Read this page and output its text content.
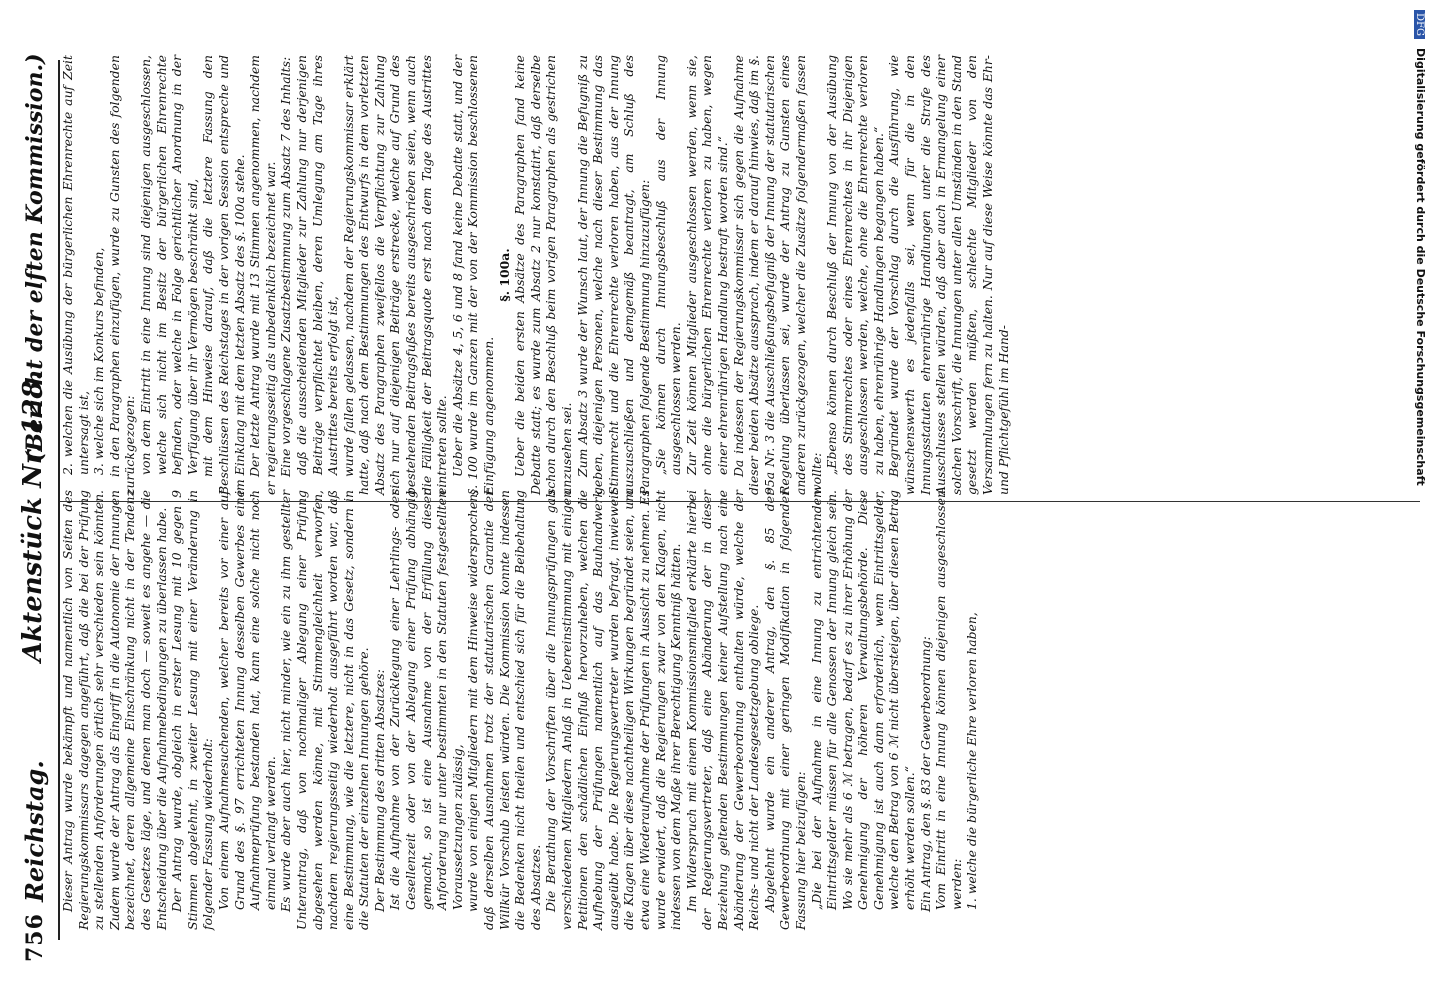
756
Reichstag.
Aktenstück Nr. 128.
(Bericht der elften Kommission.)

Dieser Antrag wurde bekämpft und namentlich von Seiten des Regierungskommissars dagegen angeführt, daß die bei der Prüfung zu stellenden Anforderungen örtlich sehr verschieden sein könnten. Zudem wurde der Antrag als Eingriff in die Autonomie der Innungen bezeichnet, deren allgemeine Einschränkung nicht in der Tendenz des Gesetzes läge, und denen man doch — soweit es angehe — die Entscheidung über die Aufnahmebedingungen zu überlassen habe. Der Antrag wurde, obgleich in erster Lesung mit 10 gegen 9 Stimmen abgelehnt, in zweiter Lesung mit einer Veränderung in folgender Fassung wiederholt: Von einem Aufnahmesuchenden, welcher bereits vor einer auf Grund des §. 97 errichteten Innung desselben Gewerbes eine Aufnahmeprüfung bestanden hat, kann eine solche nicht noch einmal verlangt werden. Es wurde aber auch hier, nicht minder, wie ein zu ihm gestellter Unterantrag, daß von nochmaliger Ablegung einer Prüfung abgesehen werden könne, mit Stimmengleichheit verworfen, nachdem regierungsseitig wiederholt ausgeführt worden war, daß eine Bestimmung, wie die letztere, nicht in das Gesetz, sondern in die Statuten der einzelnen Innungen gehöre. Der Bestimmung des dritten Absatzes: Ist die Aufnahme von der Zurücklegung einer Lehrlings- oder Gesellenzeit oder von der Ablegung einer Prüfung abhängig gemacht, so ist eine Ausnahme von der Erfüllung dieser Anforderung nur unter bestimmten in den Statuten festgestellten Voraussetzungen zulässig, wurde von einigen Mitgliedern mit dem Hinweise widersprochen, daß derselben Ausnahmen trotz der statutarischen Garantie der Willkür Vorschub leisten würden. Die Kommission konnte indessen die Bedenken nicht theilen und entschied sich für die Beibehaltung des Absatzes. Die Berathung der Vorschriften über die Innungsprüfungen gab verschiedenen Mitgliedern Anlaß in Uebereinstimmung mit einigen Petitionen den schädlichen Einfluß hervorzuheben, welchen die Aufhebung der Prüfungen namentlich auf das Bauhandwerk ausgeübt habe. Die Regierungsvertreter wurden befragt, inwieweit die Klagen über diese nachtheiligen Wirkungen begründet seien, um etwa eine Wiederaufnahme der Prüfungen in Aussicht zu nehmen. Es wurde erwidert, daß die Regierungen zwar von den Klagen, nicht indessen von dem Maße ihrer Berechtigung Kenntniß hätten. Im Widerspruch mit einem Kommissionsmitglied erklärte hierbei der Regierungsvertreter, daß eine Abänderung der in dieser Beziehung geltenden Bestimmungen keiner Aufstellung nach eine Abänderung der Gewerbeordnung enthalten würde, welche der Reichs- und nicht der Landesgesetzgebung obliege. Abgelehnt wurde ein anderer Antrag, den §. 85 der Gewerbeordnung mit einer geringen Modifikation in folgender Fassung hier beizufügen: „Die bei der Aufnahme in eine Innung zu entrichtenden Eintrittsgelder müssen für alle Genossen der Innung gleich sein. Wo sie mehr als 6 ℳ betragen, bedarf es zu ihrer Erhöhung der Genehmigung der höheren Verwaltungsbehörde. Diese Genehmigung ist auch dann erforderlich, wenn Eintrittsgelder, welche den Betrag von 6 ℳ nicht übersteigen, über diesen Betrag erhöht werden sollen.“ Ein Antrag, den §. 83 der Gewerbeordnung: Vom Eintritt in eine Innung können diejenigen ausgeschlossen werden: 1. welche die bürgerliche Ehre verloren haben,

2. welchen die Ausübung der bürgerlichen Ehrenrechte auf Zeit untersagt ist, 3. welche sich im Konkurs befinden, in den Paragraphen einzufügen, wurde zu Gunsten des folgenden zurückgezogen: von dem Eintritt in eine Innung sind diejenigen ausgeschlossen, welche sich nicht im Besitz der bürgerlichen Ehrenrechte befinden, oder welche in Folge gerichtlicher Anordnung in der Verfügung über ihr Vermögen beschränkt sind, mit dem Hinweise darauf, daß die letztere Fassung den Beschlüssen des Reichstages in der vorigen Session entspreche und im Einklang mit dem letzten Absatz des §. 100a stehe. Der letzte Antrag wurde mit 13 Stimmen angenommen, nachdem er regierungsseitig als unbedenklich bezeichnet war. Eine vorgeschlagene Zusatzbestimmung zum Absatz 7 des Inhalts: daß die ausscheidenden Mitglieder zur Zahlung nur derjenigen Beiträge verpflichtet bleiben, deren Umlegung am Tage ihres Austrittes bereits erfolgt ist, wurde fallen gelassen, nachdem der Regierungskommissar erklärt hatte, daß nach dem Bestimmungen des Entwurfs in dem vorletzten Absatz des Paragraphen zweifellos die Verpflichtung zur Zahlung sich nur auf diejenigen Beiträge erstrecke, welche auf Grund des bestehenden Beitragsfußes bereits ausgeschrieben seien, wenn auch die Fälligkeit der Beitragsquote erst nach dem Tage des Austrittes eintreten sollte. Ueber die Absätze 4, 5, 6 und 8 fand keine Debatte statt, und der §. 100 wurde im Ganzen mit der von der Kommission beschlossenen Einfügung angenommen.

§. 100a. Ueber die beiden ersten Absätze des Paragraphen fand keine Debatte statt; es wurde zum Absatz 2 nur konstatirt, daß derselbe schon durch den Beschluß beim vorigen Paragraphen als gestrichen anzusehen sei. Zum Absatz 3 wurde der Wunsch laut, der Innung die Befugniß zu geben, diejenigen Personen, welche nach dieser Bestimmung das Stimmrecht und die Ehrenrechte verloren haben, aus der Innung auszuschließen und demgemäß beantragt, am Schluß des Paragraphen folgende Bestimmung hinzuzufügen: „Sie können durch Innungsbeschluß aus der Innung ausgeschlossen werden. Zur Zeit können Mitglieder ausgeschlossen werden, wenn sie, ohne die bürgerlichen Ehrenrechte verloren zu haben, wegen einer ehrenrührigen Handlung bestraft worden sind.“ Da indessen der Regierungskommissar sich gegen die Aufnahme dieser beiden Absätze aussprach, indem er darauf hinwies, daß im §. 95a Nr. 3 die Ausschließungsbefugniß der Innung der statutarischen Regelung überlassen sei, wurde der Antrag zu Gunsten eines anderen zurückgezogen, welcher die Zusätze folgendermaßen fassen wollte: „Ebenso können durch Beschluß der Innung von der Ausübung des Stimmrechtes oder eines Ehrenrechtes in ihr Diejenigen ausgeschlossen werden, welche, ohne die Ehrenrechte verloren zu haben, ehrenrührige Handlungen begangen haben.“ Begründet wurde der Vorschlag durch die Ausführung, wie wünschenswerth es jedenfalls sei, wenn für die in den Innungsstatuten ehrenrührige Handlungen unter die Strafe des Ausschlusses stellen würden, daß aber auch in Ermangelung einer solchen Vorschrift, die Innungen unter allen Umständen in den Stand gesetzt werden müßten, schlechte Mitglieder von den Versammlungen fern zu halten. Nur auf diese Weise könnte das Ehr- und Pflichtgefühl im Hand-

DFG Digitalisierung gefördert durch die Deutsche Forschungsgemeinschaft
